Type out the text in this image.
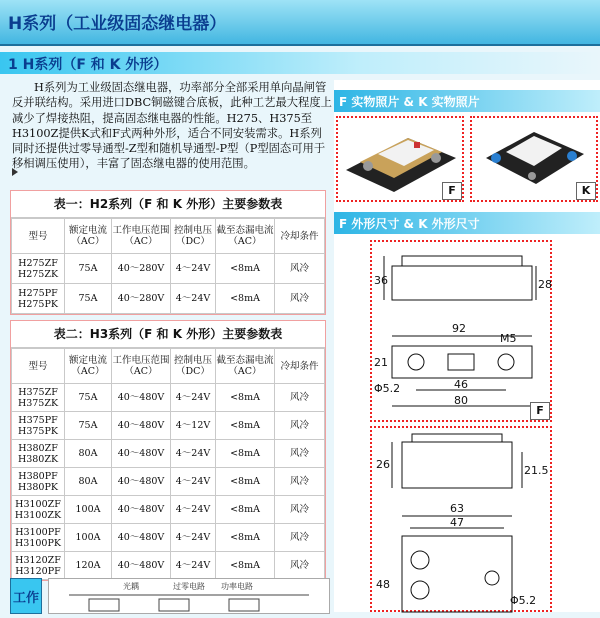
H系列（工业级固态继电器）
1 H系列（F 和 K 外形）
H系列为工业级固态继电器，功率部分全部采用单向晶闸管反并联结构。采用进口DBC铜磁键合底板，此种工艺最大程度上减少了焊接热阻，提高固态继电器的性能。H275、H375至H3100Z提供K式和F式两种外形，适合不同安装需求。H系列同时还提供过零导通型-Z型和随机导通型-P型（P型固态可用于移相调压使用），丰富了固态继电器的使用范围。
表一：H2系列（F 和 K 外形）主要参数表
型号	额定电流（AC）	工作电压范围（AC）	控制电压（DC）	截至态漏电流（AC）	冷却条件
H275ZF
H275ZK	75A	40～280V	4～24V	<8mA	风冷
H275PF
H275PK	75A	40～280V	4～24V	<8mA	风冷
表二：H3系列（F 和 K 外形）主要参数表
型号	额定电流（AC）	工作电压范围（AC）	控制电压（DC）	截至态漏电流（AC）	冷却条件
H375ZF
H375ZK	75A	40～480V	4～24V	<8mA	风冷
H375PF
H375PK	75A	40～480V	4～12V	<8mA	风冷
H380ZF
H380ZK	80A	40～480V	4～24V	<8mA	风冷
H380PF
H380PK	80A	40～480V	4～24V	<8mA	风冷
H3100ZF
H3100ZK	100A	40～480V	4～24V	<8mA	风冷
H3100PF
H3100PK	100A	40～480V	4～24V	<8mA	风冷
H3120ZF
H3120PF	120A	40～480V	4～24V	<8mA	风冷
F 实物照片 & K 实物照片
F	K
F 外形尺寸 & K 外形尺寸
36	28
92
21
M5
46
80
Φ5.2
F
26	21.5
63
47
48
Φ5.2
工作
光耦	过零电路 功率电路
